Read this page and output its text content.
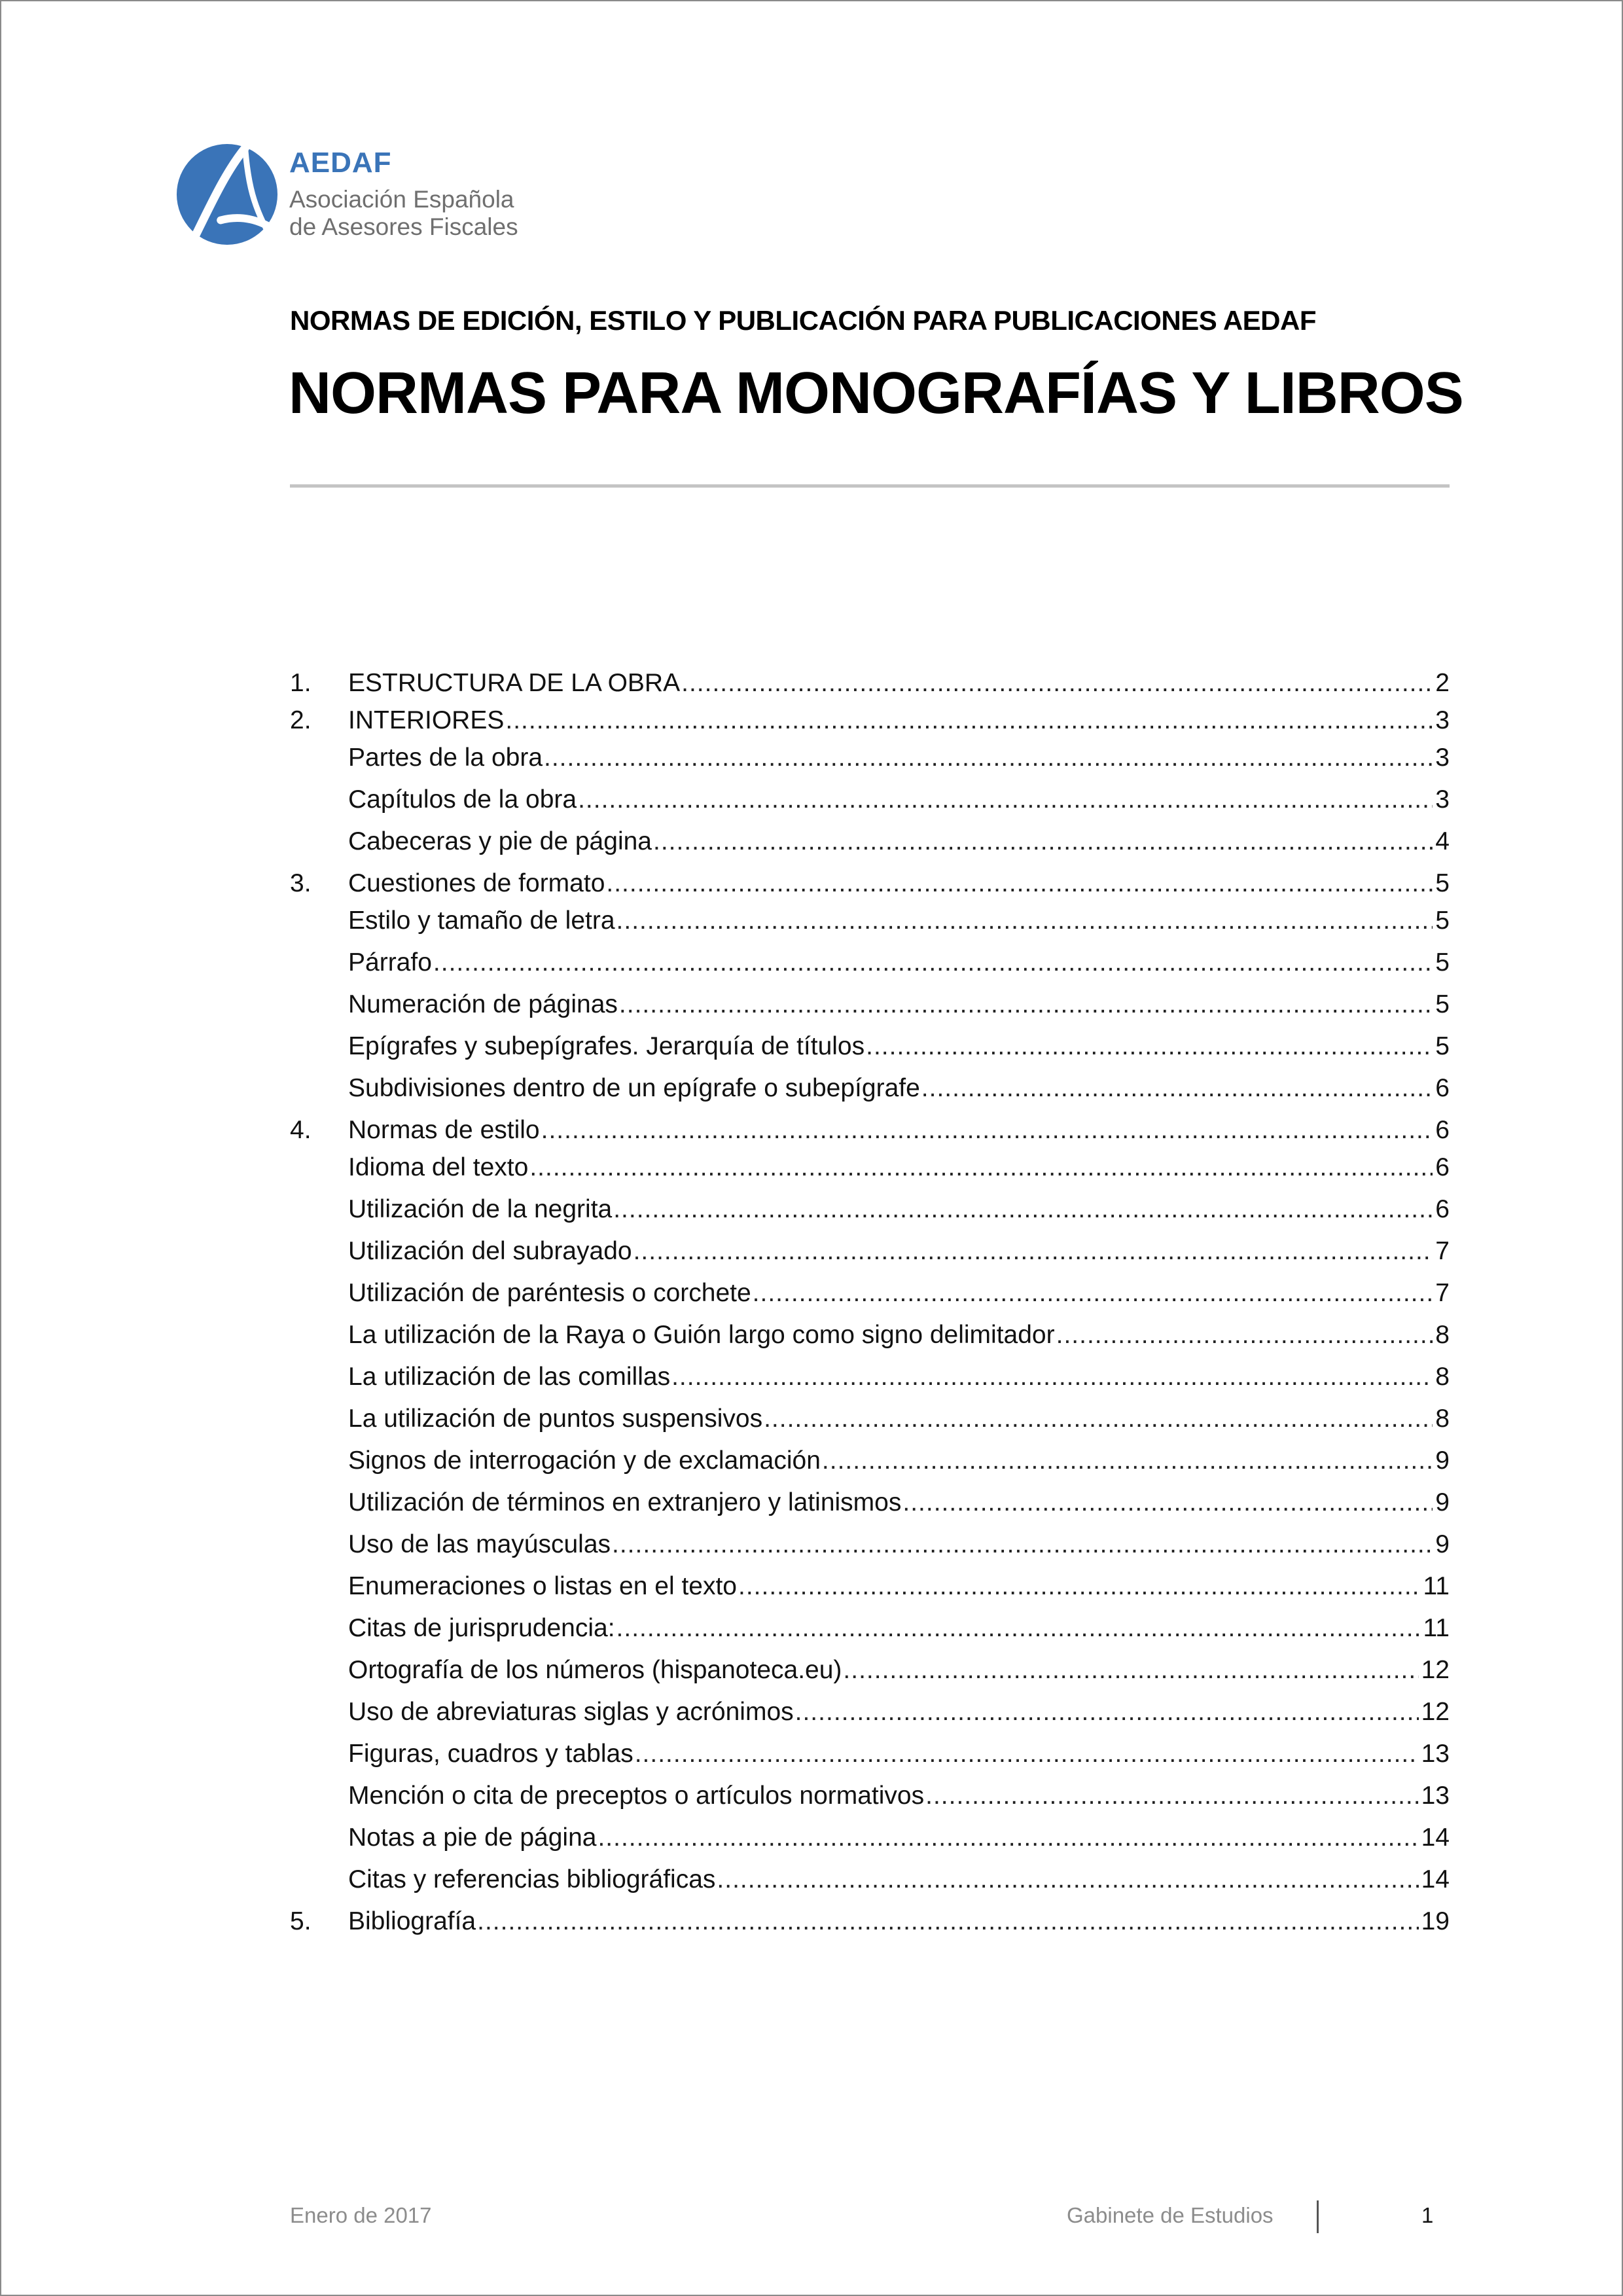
AEDAF
Asociación Española
de Asesores Fiscales
NORMAS DE EDICIÓN, ESTILO Y PUBLICACIÓN PARA PUBLICACIONES AEDAF
NORMAS PARA MONOGRAFÍAS Y LIBROS
1.	ESTRUCTURA DE LA OBRA .....	2
2.	INTERIORES .....	3
Partes de la obra .....	3
Capítulos de la obra .....	3
Cabeceras y pie de página .....	4
3.	Cuestiones de formato .....	5
Estilo y tamaño de letra .....	5
Párrafo .....	5
Numeración de páginas .....	5
Epígrafes y subepígrafes. Jerarquía de títulos .....	5
Subdivisiones dentro de un epígrafe o subepígrafe .....	6
4.	Normas de estilo .....	6
Idioma del texto .....	6
Utilización de la negrita .....	6
Utilización del subrayado .....	7
Utilización de paréntesis o corchete .....	7
La utilización de la Raya o Guión largo como signo delimitador .....	8
La utilización de las comillas .....	8
La utilización de puntos suspensivos .....	8
Signos de interrogación y de exclamación .....	9
Utilización de términos en extranjero y latinismos .....	9
Uso de las mayúsculas .....	9
Enumeraciones o listas en el texto .....	11
Citas de jurisprudencia: .....	11
Ortografía de los números (hispanoteca.eu) .....	12
Uso de abreviaturas siglas y acrónimos .....	12
Figuras, cuadros y tablas .....	13
Mención o cita de preceptos o artículos normativos .....	13
Notas a pie de página .....	14
Citas y referencias bibliográficas .....	14
5.	Bibliografía .....	19
Enero de 2017	Gabinete de Estudios	1
